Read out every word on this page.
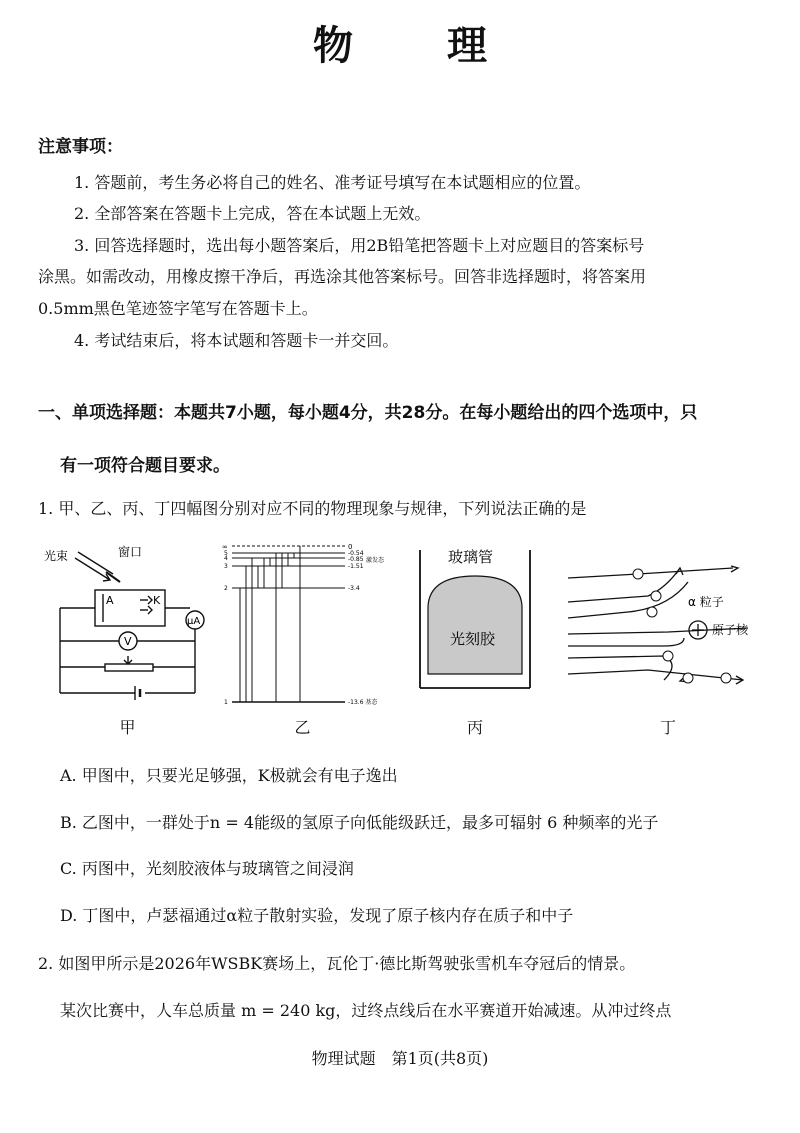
物 理
注意事项：
1. 答题前，考生务必将自己的姓名、准考证号填写在本试题相应的位置。
2. 全部答案在答题卡上完成，答在本试题上无效。
3. 回答选择题时，选出每小题答案后，用2B铅笔把答题卡上对应题目的答案标号
涂黑。如需改动，用橡皮擦干净后，再选涂其他答案标号。回答非选择题时，将答案用
0.5mm黑色笔迹签字笔写在答题卡上。
4. 考试结束后，将本试题和答题卡一并交回。
一、单项选择题：本题共7小题，每小题4分，共28分。在每小题给出的四个选项中，只
有一项符合题目要求。
1. 甲、乙、丙、丁四幅图分别对应不同的物理现象与规律，下列说法正确的是
光束	窗口
A	K
μA
V
甲
∞	0
5	-0.54
4	-0.85
3	-1.51
激发态
2	-3.4
1	-13.6 基态
乙
玻璃管
光刻胶
丙
α 粒子
原子核
丁
A. 甲图中，只要光足够强，K极就会有电子逸出
B. 乙图中，一群处于n = 4能级的氢原子向低能级跃迁，最多可辐射 6 种频率的光子
C. 丙图中，光刻胶液体与玻璃管之间浸润
D. 丁图中，卢瑟福通过α粒子散射实验，发现了原子核内存在质子和中子
2. 如图甲所示是2026年WSBK赛场上，瓦伦丁·德比斯驾驶张雪机车夺冠后的情景。
某次比赛中，人车总质量 m = 240 kg，过终点线后在水平赛道开始减速。从冲过终点
物理试题　第1页(共8页)
